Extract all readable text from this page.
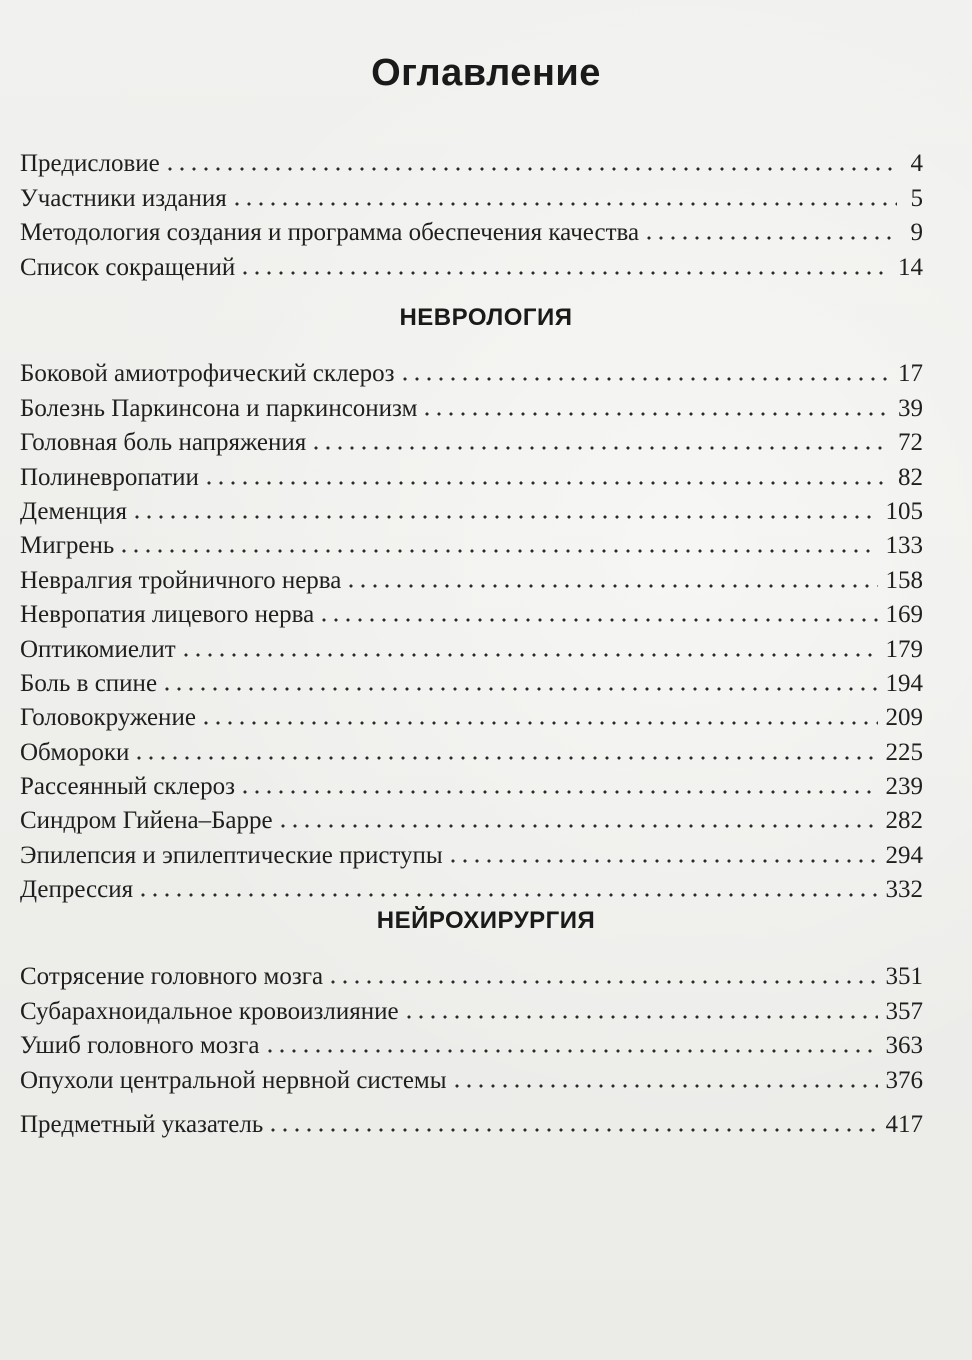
Оглавление
Предисловие	4
Участники издания	5
Методология создания и программа обеспечения качества	9
Список сокращений	14
НЕВРОЛОГИЯ
Боковой амиотрофический склероз	17
Болезнь Паркинсона и паркинсонизм	39
Головная боль напряжения	72
Полиневропатии	82
Деменция	105
Мигрень	133
Невралгия тройничного нерва	158
Невропатия лицевого нерва	169
Оптикомиелит	179
Боль в спине	194
Головокружение	209
Обмороки	225
Рассеянный склероз	239
Синдром Гийена–Барре	282
Эпилепсия и эпилептические приступы	294
Депрессия	332
НЕЙРОХИРУРГИЯ
Сотрясение головного мозга	351
Субарахноидальное кровоизлияние	357
Ушиб головного мозга	363
Опухоли центральной нервной системы	376
Предметный указатель	417
